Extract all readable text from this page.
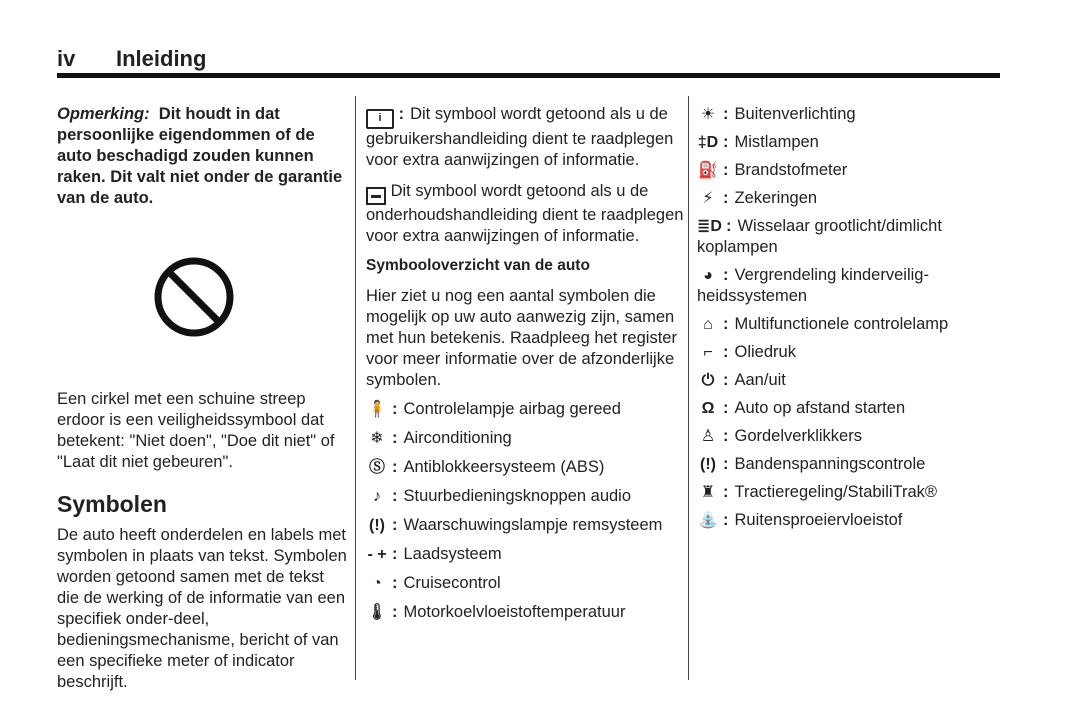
iv Inleiding

Opmerking: Dit houdt in dat persoonlijke eigendommen of de auto beschadigd zouden kunnen raken. Dit valt niet onder de garantie van de auto.

Een cirkel met een schuine streep erdoor is een veiligheidssymbool dat betekent: "Niet doen", "Doe dit niet" of "Laat dit niet gebeuren".

Symbolen

De auto heeft onderdelen en labels met symbolen in plaats van tekst. Symbolen worden getoond samen met de tekst die de werking of de informatie van een specifiek onder-deel, bedieningsmechanisme, bericht of van een specifieke meter of indicator beschrijft.

i : Dit symbool wordt getoond als u de gebruikershandleiding dient te raadplegen voor extra aanwijzingen of informatie.

▬ Dit symbool wordt getoond als u de onderhoudshandleiding dient te raadplegen voor extra aanwijzingen of informatie.

Symbooloverzicht van de auto

Hier ziet u nog een aantal symbolen die mogelijk op uw auto aanwezig zijn, samen met hun betekenis. Raadpleeg het register voor meer informatie over de afzonderlijke symbolen.

🧍 : Controlelampje airbag gereed
❄ : Airconditioning
Ⓢ : Antiblokkeersysteem (ABS)
♪ : Stuurbedieningsknoppen audio
(!) : Waarschuwingslampje remsysteem
- + : Laadsysteem
◔ : Cruisecontrol
🌡 : Motorkoelvloeistoftemperatuur
☀ : Buitenverlichting
‡D : Mistlampen
⛽ : Brandstofmeter
⚡ : Zekeringen
≣D : Wisselaar grootlicht/dimlicht koplampen
◕ : Vergrendeling kinderveilig-heidssystemen
⌂ : Multifunctionele controlelamp
⌐ : Oliedruk
⏻ : Aan/uit
Ω : Auto op afstand starten
♙ : Gordelverklikkers
(!) : Bandenspanningscontrole
♜ : Tractieregeling/StabiliTrak®
⛲ : Ruitensproeiervloeistof
